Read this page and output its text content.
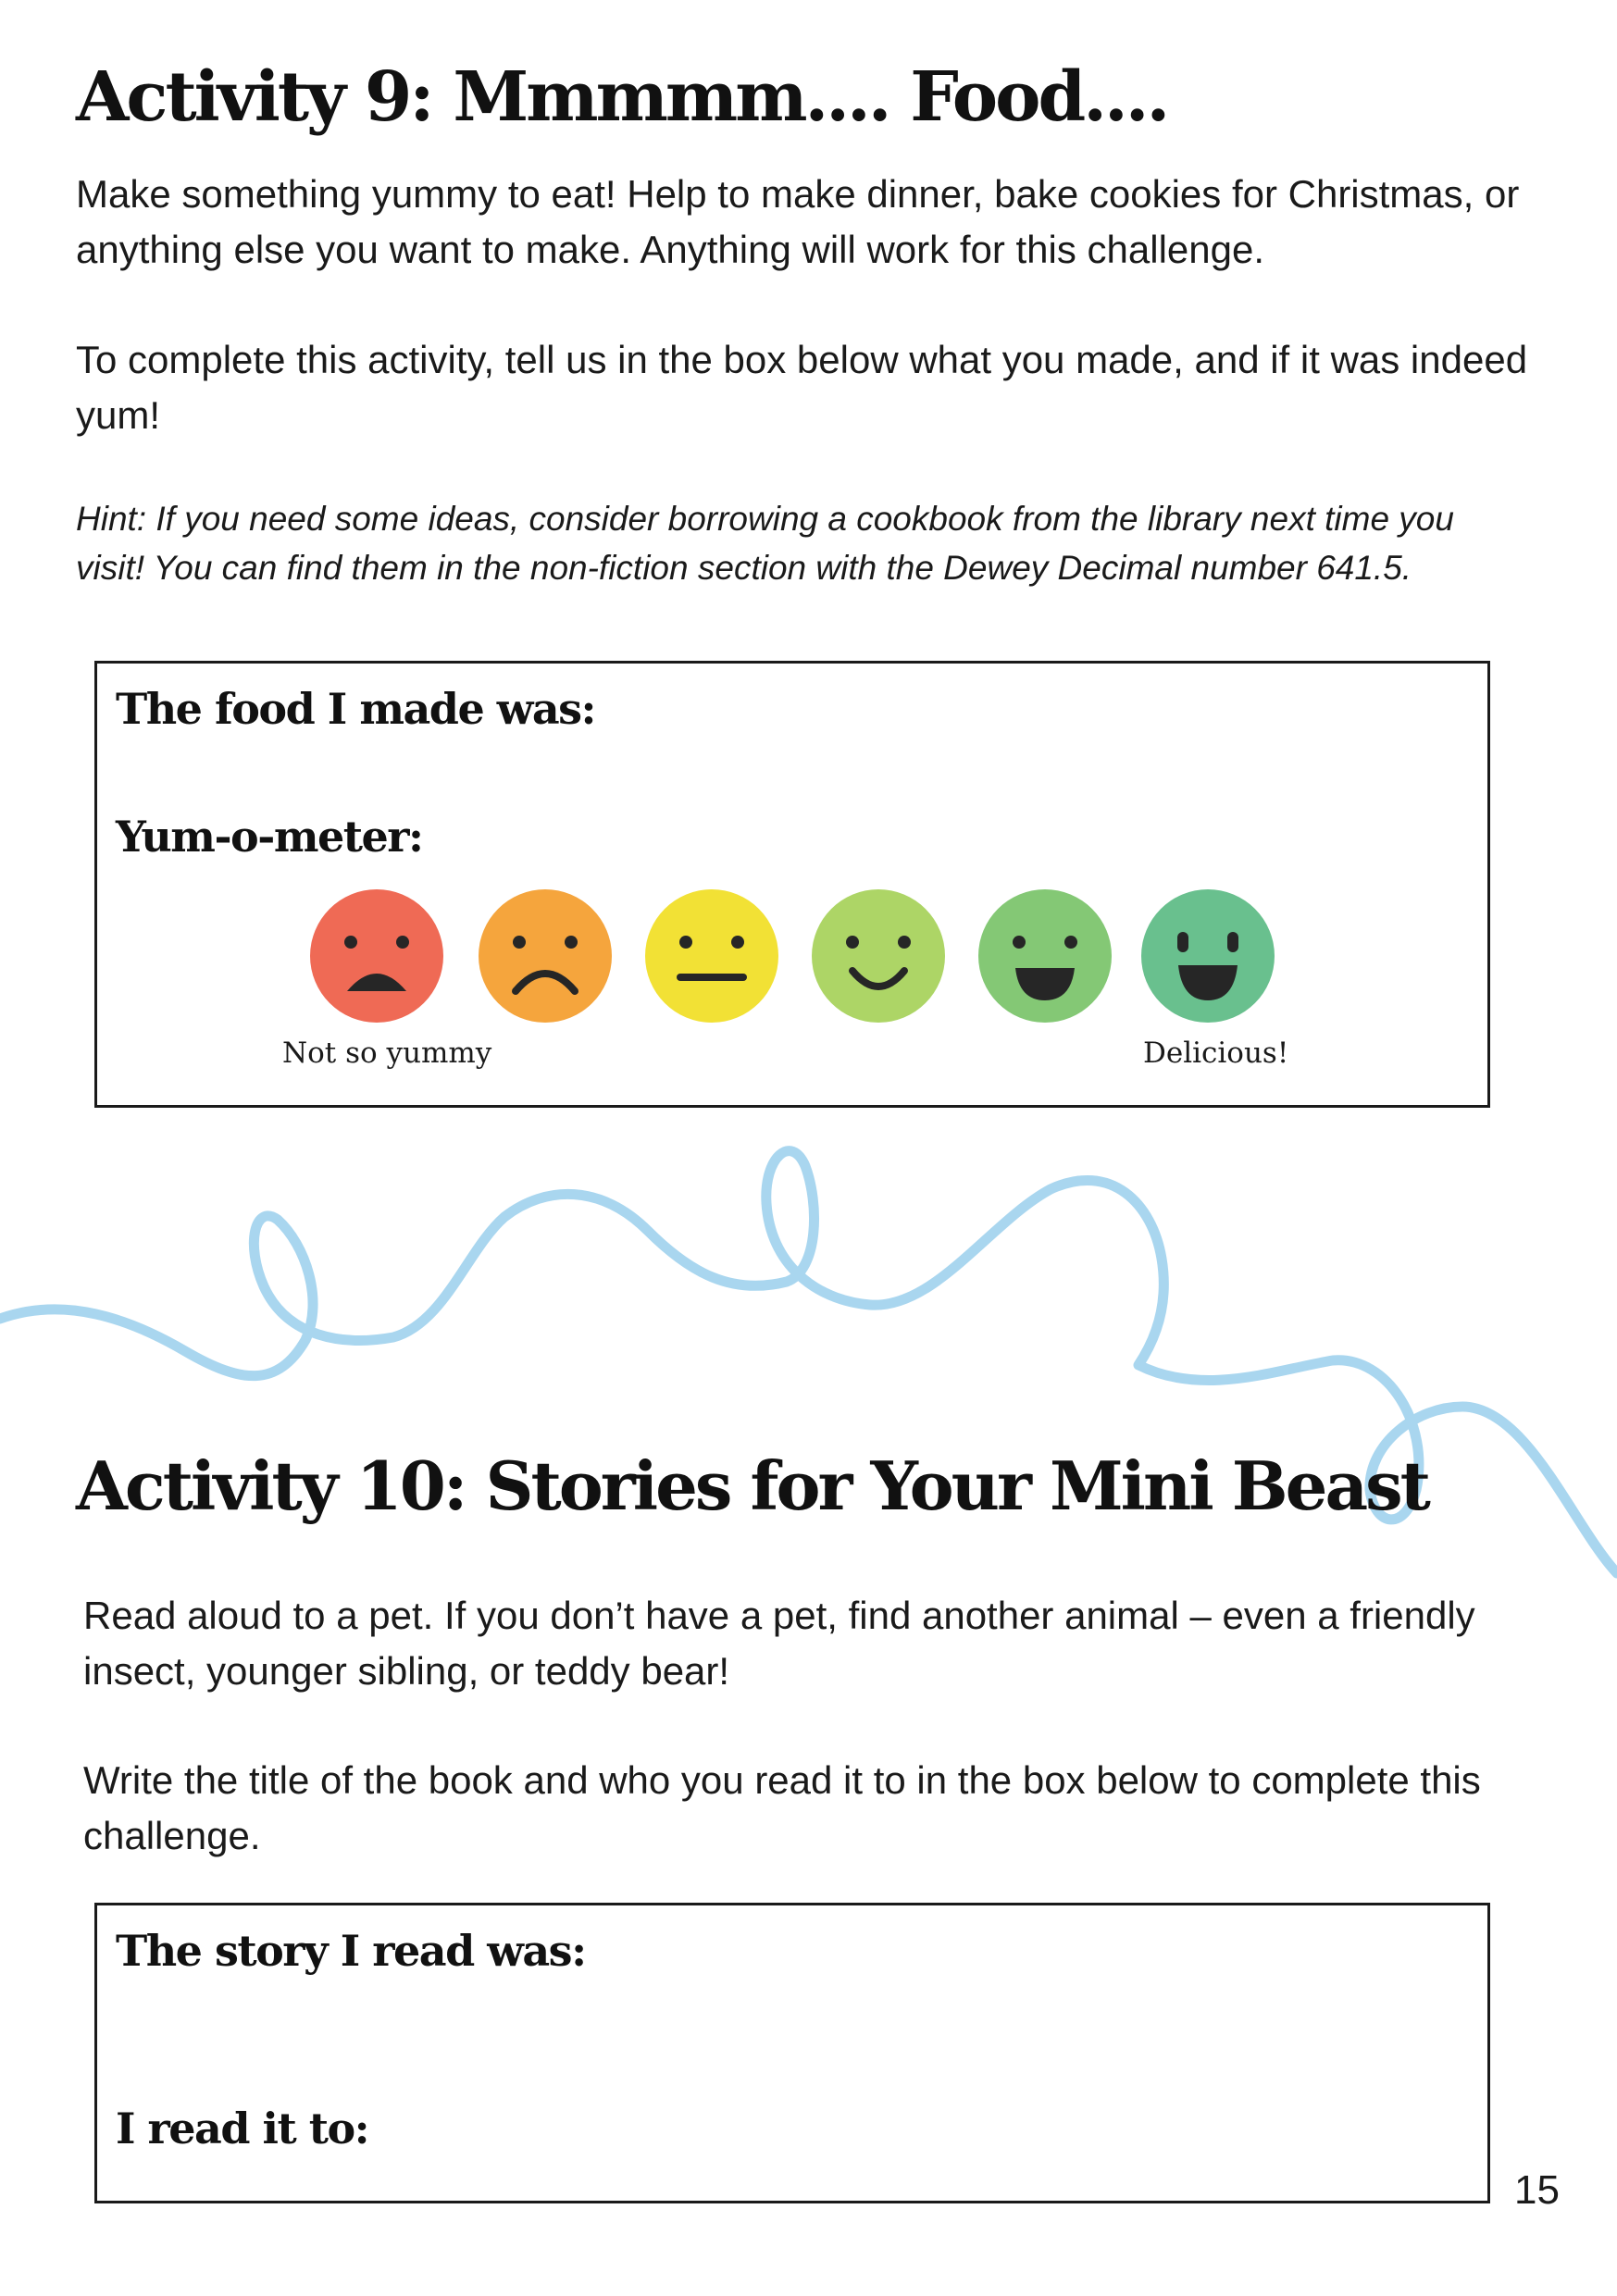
Activity 9: Mmmmm.... Food....

Make something yummy to eat! Help to make dinner, bake cookies for Christmas, or anything else you want to make. Anything will work for this challenge.

To complete this activity, tell us in the box below what you made, and if it was indeed yum!

Hint: If you need some ideas, consider borrowing a cookbook from the library next time you visit! You can find them in the non-fiction section with the Dewey Decimal number 641.5.

The food I made was:
Yum-o-meter:
Not so yummy	Delicious!
Activity 10: Stories for Your Mini Beast

Read aloud to a pet. If you don’t have a pet, find another animal – even a friendly insect, younger sibling, or teddy bear!

Write the title of the book and who you read it to in the box below to complete this challenge.

The story I read was:
I read it to:
15
